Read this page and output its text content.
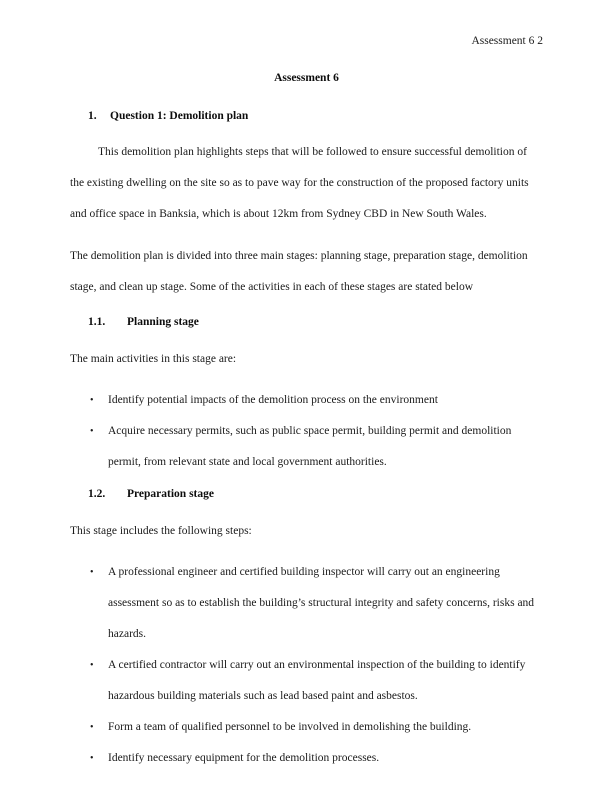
Assessment 6 2
Assessment 6
1. Question 1: Demolition plan

This demolition plan highlights steps that will be followed to ensure successful demolition of the existing dwelling on the site so as to pave way for the construction of the proposed factory units and office space in Banksia, which is about 12km from Sydney CBD in New South Wales.

The demolition plan is divided into three main stages: planning stage, preparation stage, demolition stage, and clean up stage. Some of the activities in each of these stages are stated below

1.1. Planning stage

The main activities in this stage are:

• Identify potential impacts of the demolition process on the environment
• Acquire necessary permits, such as public space permit, building permit and demolition permit, from relevant state and local government authorities.
1.2. Preparation stage

This stage includes the following steps:

• A professional engineer and certified building inspector will carry out an engineering assessment so as to establish the building’s structural integrity and safety concerns, risks and hazards.
• A certified contractor will carry out an environmental inspection of the building to identify hazardous building materials such as lead based paint and asbestos.
• Form a team of qualified personnel to be involved in demolishing the building.
• Identify necessary equipment for the demolition processes.
